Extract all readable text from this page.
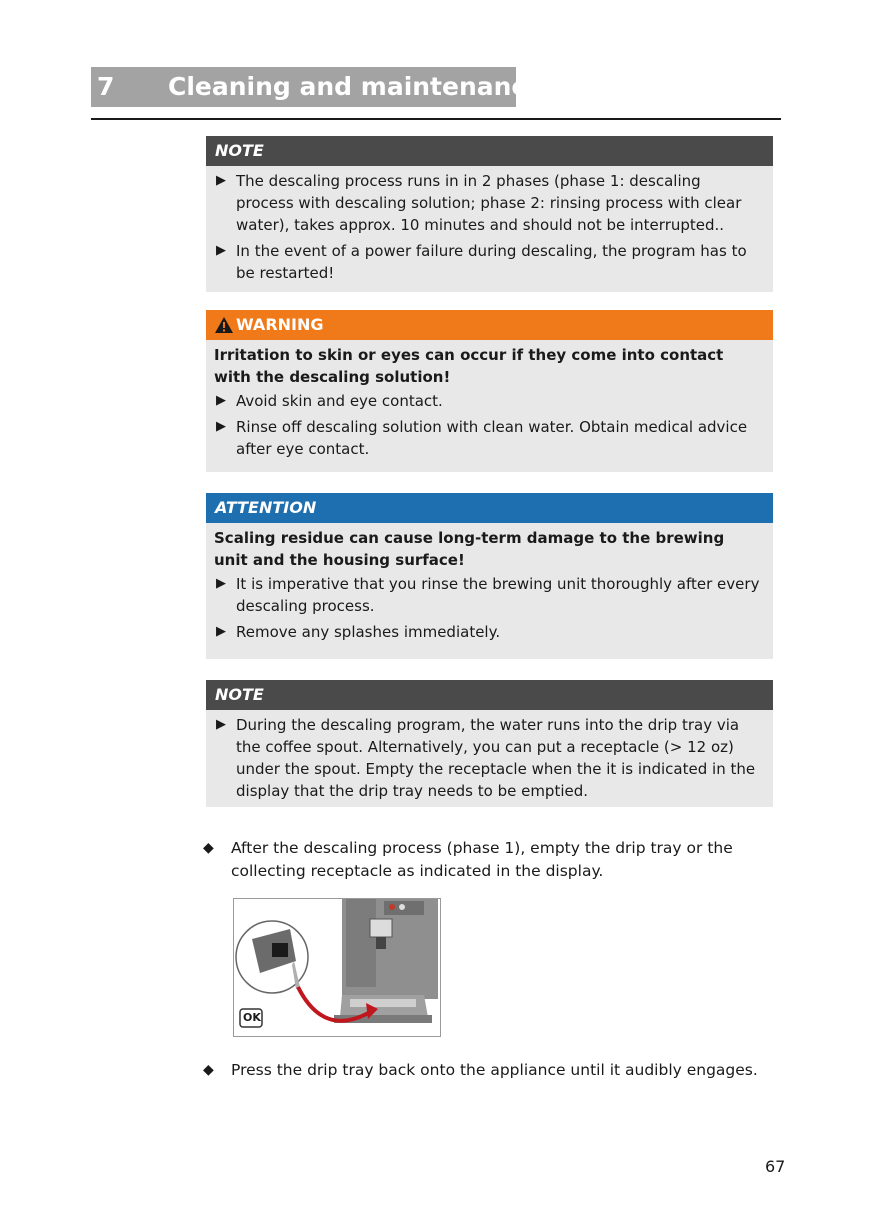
7 Cleaning and maintenance
NOTE
▶ The descaling process runs in in 2 phases (phase 1: descaling process with descaling solution; phase 2: rinsing process with clear water), takes approx. 10 minutes and should not be interrupted..
▶ In the event of a power failure during descaling, the program has to be restarted!
WARNING
Irritation to skin or eyes can occur if they come into contact with the descaling solution!
▶ Avoid skin and eye contact.
▶ Rinse off descaling solution with clean water. Obtain medical advice after eye contact.
ATTENTION
Scaling residue can cause long-term damage to the brewing unit and the housing surface!
▶ It is imperative that you rinse the brewing unit thoroughly after every descaling process.
▶ Remove any splashes immediately.
NOTE
▶ During the descaling program, the water runs into the drip tray via the coffee spout. Alternatively, you can put a receptacle (> 12 oz) under the spout. Empty the receptacle when the it is indicated in the display that the drip tray needs to be emptied.
◆	After the descaling process (phase 1), empty the drip tray or the collecting receptacle as indicated in the display.
OK
◆	Press the drip tray back onto the appliance until it audibly engages.
67
